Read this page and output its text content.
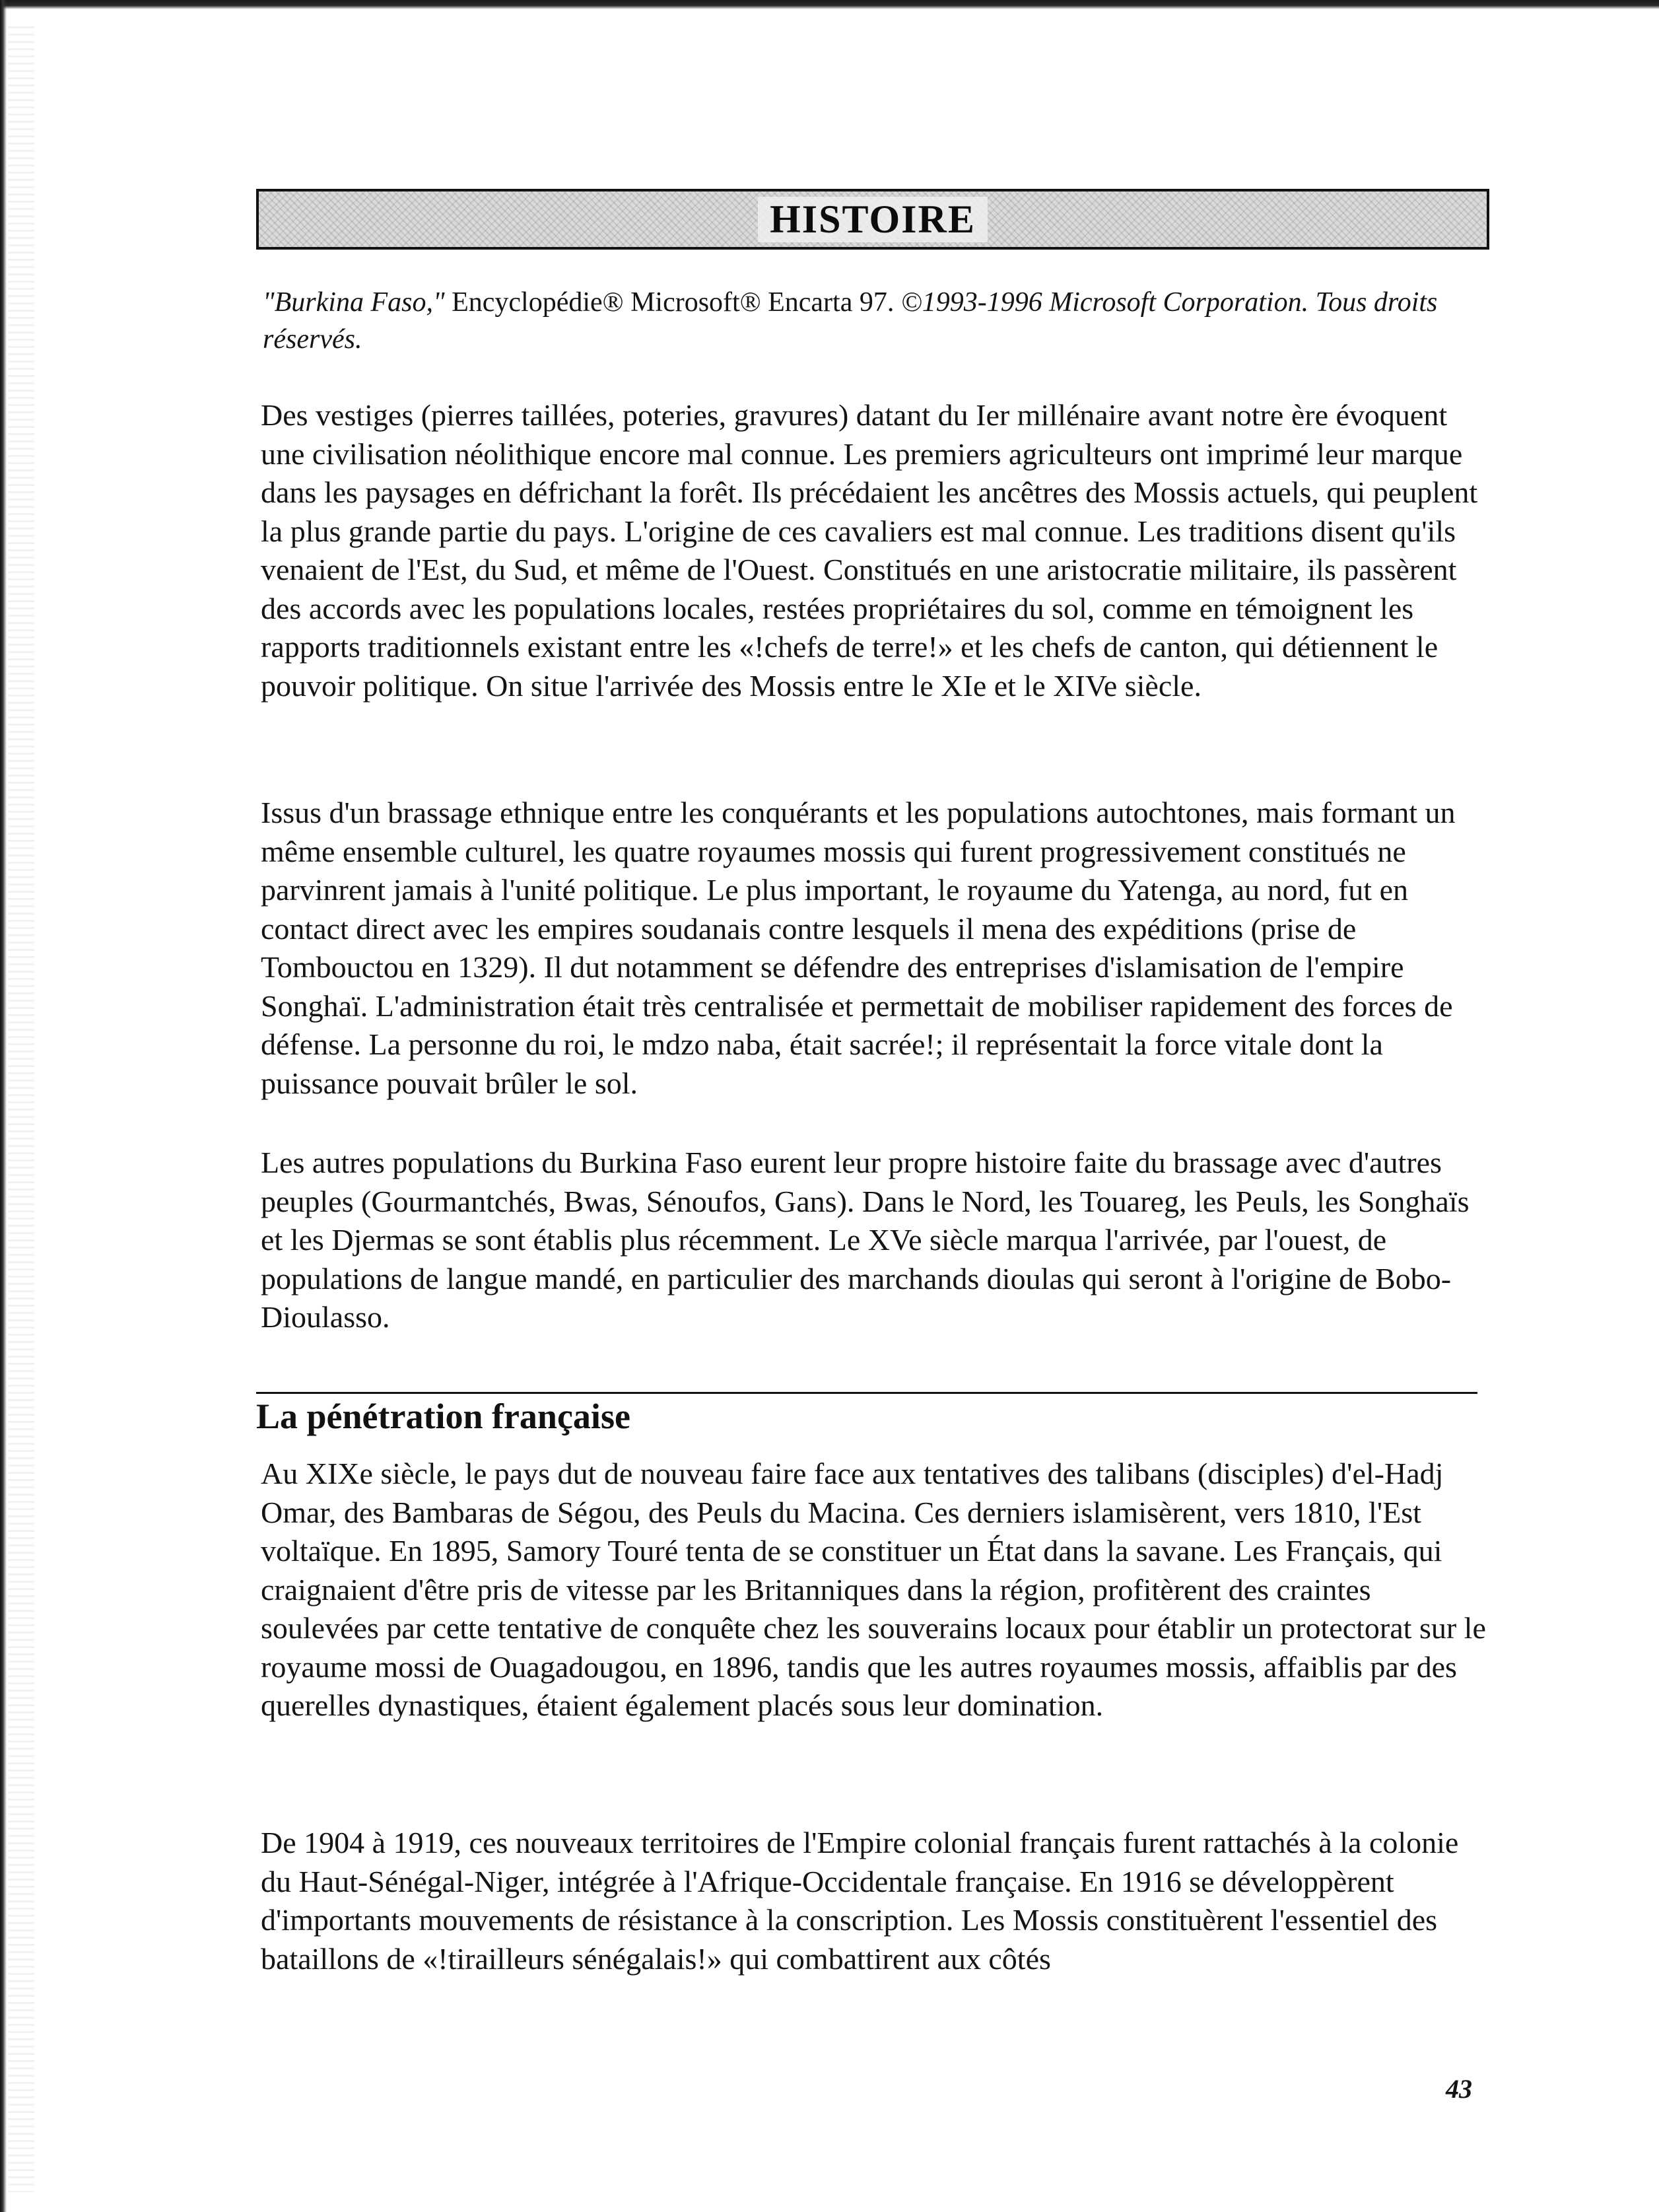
HISTOIRE
"Burkina Faso," Encyclopédie® Microsoft® Encarta 97. ©1993-1996 Microsoft Corporation. Tous droits réservés.

Des vestiges (pierres taillées, poteries, gravures) datant du Ier millénaire avant notre ère évoquent une civilisation néolithique encore mal connue. Les premiers agriculteurs ont imprimé leur marque dans les paysages en défrichant la forêt. Ils précédaient les ancêtres des Mossis actuels, qui peuplent la plus grande partie du pays. L'origine de ces cavaliers est mal connue. Les traditions disent qu'ils venaient de l'Est, du Sud, et même de l'Ouest. Constitués en une aristocratie militaire, ils passèrent des accords avec les populations locales, restées propriétaires du sol, comme en témoignent les rapports traditionnels existant entre les «!chefs de terre!» et les chefs de canton, qui détiennent le pouvoir politique. On situe l'arrivée des Mossis entre le XIe et le XIVe siècle.

Issus d'un brassage ethnique entre les conquérants et les populations autochtones, mais formant un même ensemble culturel, les quatre royaumes mossis qui furent progressivement constitués ne parvinrent jamais à l'unité politique. Le plus important, le royaume du Yatenga, au nord, fut en contact direct avec les empires soudanais contre lesquels il mena des expéditions (prise de Tombouctou en 1329). Il dut notamment se défendre des entreprises d'islamisation de l'empire Songhaï. L'administration était très centralisée et permettait de mobiliser rapidement des forces de défense. La personne du roi, le mdzo naba, était sacrée!; il représentait la force vitale dont la puissance pouvait brûler le sol.

Les autres populations du Burkina Faso eurent leur propre histoire faite du brassage avec d'autres peuples (Gourmantchés, Bwas, Sénoufos, Gans). Dans le Nord, les Touareg, les Peuls, les Songhaïs et les Djermas se sont établis plus récemment. Le XVe siècle marqua l'arrivée, par l'ouest, de populations de langue mandé, en particulier des marchands dioulas qui seront à l'origine de Bobo-Dioulasso.

La pénétration française

Au XIXe siècle, le pays dut de nouveau faire face aux tentatives des talibans (disciples) d'el-Hadj Omar, des Bambaras de Ségou, des Peuls du Macina. Ces derniers islamisèrent, vers 1810, l'Est voltaïque. En 1895, Samory Touré tenta de se constituer un État dans la savane. Les Français, qui craignaient d'être pris de vitesse par les Britanniques dans la région, profitèrent des craintes soulevées par cette tentative de conquête chez les souverains locaux pour établir un protectorat sur le royaume mossi de Ouagadougou, en 1896, tandis que les autres royaumes mossis, affaiblis par des querelles dynastiques, étaient également placés sous leur domination.

De 1904 à 1919, ces nouveaux territoires de l'Empire colonial français furent rattachés à la colonie du Haut-Sénégal-Niger, intégrée à l'Afrique-Occidentale française. En 1916 se développèrent d'importants mouvements de résistance à la conscription. Les Mossis constituèrent l'essentiel des bataillons de «!tirailleurs sénégalais!» qui combattirent aux côtés

43
